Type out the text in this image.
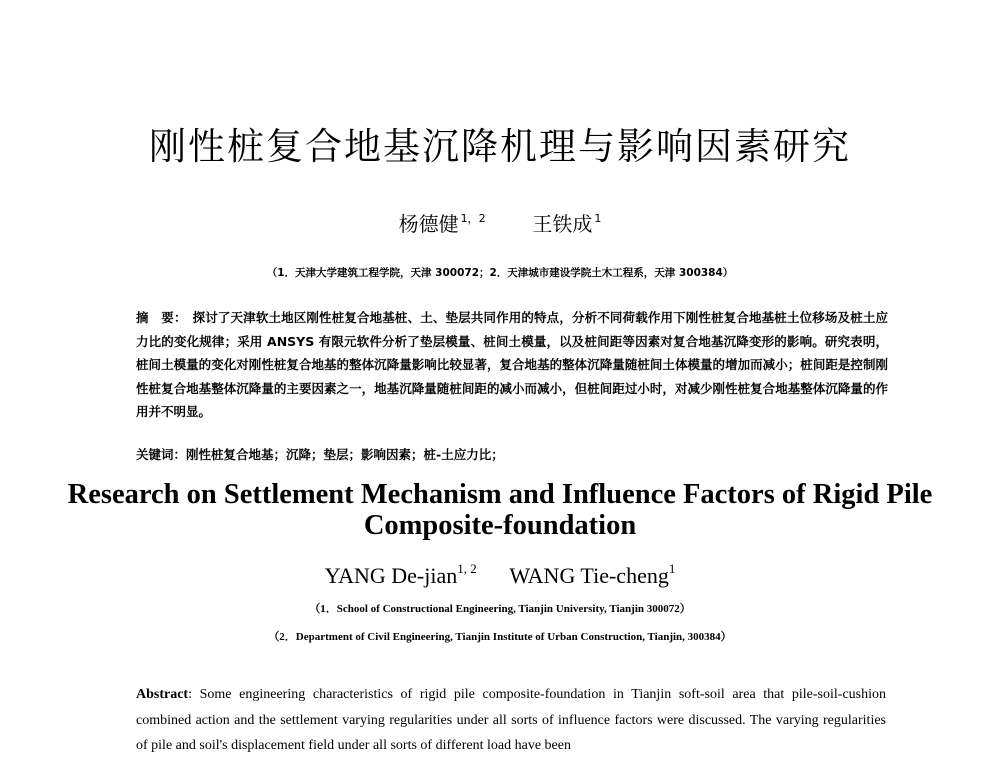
刚性桩复合地基沉降机理与影响因素研究
杨德健 $^{1,2}$ 王铁成 $^1$
（1．天津大学建筑工程学院，天津 300072；2．天津城市建设学院土木工程系，天津 300384）
摘　要： 探讨了天津软土地区刚性桩复合地基桩、土、垫层共同作用的特点，分析不同荷载作用下刚性桩复合地基桩土位移场及桩土应力比的变化规律；采用 ANSYS 有限元软件分析了垫层模量、桩间土模量，以及桩间距等因素对复合地基沉降变形的影响。研究表明，桩间土模量的变化对刚性桩复合地基的整体沉降量影响比较显著，复合地基的整体沉降量随桩间土体模量的增加而减小；桩间距是控制刚性桩复合地基整体沉降量的主要因素之一，地基沉降量随桩间距的减小而减小，但桩间距过小时，对减少刚性桩复合地基整体沉降量的作用并不明显。
关键词：刚性桩复合地基；沉降；垫层；影响因素；桩-土应力比；
Research on Settlement Mechanism and Influence Factors of Rigid Pile Composite-foundation
YANG De-jian$^{1, 2}$ WANG Tie-cheng$^1$
（1．School of Constructional Engineering, Tianjin University, Tianjin 300072）
（2．Department of Civil Engineering, Tianjin Institute of Urban Construction, Tianjin, 300384）
Abstract: Some engineering characteristics of rigid pile composite-foundation in Tianjin soft-soil area that pile-soil-cushion combined action and the settlement varying regularities under all sorts of influence factors were discussed. The varying regularities of pile and soil's displacement field under all sorts of different load have been
